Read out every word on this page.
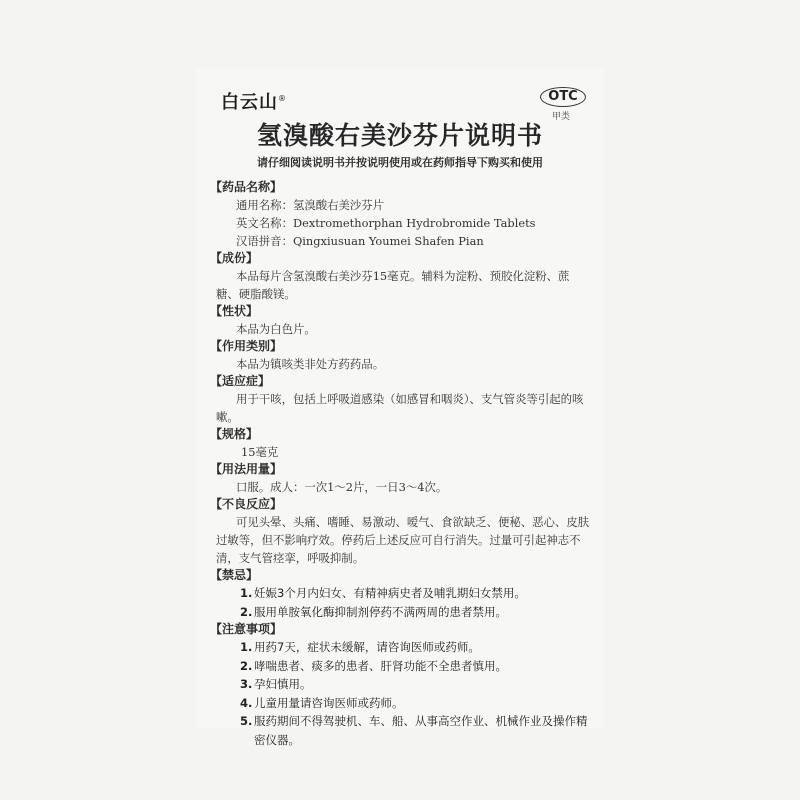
白云山®	OTC
甲类
氢溴酸右美沙芬片说明书
请仔细阅读说明书并按说明使用或在药师指导下购买和使用
【药品名称】
通用名称：氢溴酸右美沙芬片
英文名称：Dextromethorphan Hydrobromide Tablets
汉语拼音：Qingxiusuan Youmei Shafen Pian
【成份】
本品每片含氢溴酸右美沙芬15毫克。辅料为淀粉、预胶化淀粉、蔗糖、硬脂酸镁。
【性状】
本品为白色片。
【作用类别】
本品为镇咳类非处方药药品。
【适应症】
用于干咳，包括上呼吸道感染（如感冒和咽炎）、支气管炎等引起的咳嗽。
【规格】
15毫克
【用法用量】
口服。成人：一次1～2片，一日3～4次。
【不良反应】
可见头晕、头痛、嗜睡、易激动、嗳气、食欲缺乏、便秘、恶心、皮肤过敏等，但不影响疗效。停药后上述反应可自行消失。过量可引起神志不清，支气管痉挛，呼吸抑制。
【禁忌】
1. 妊娠3个月内妇女、有精神病史者及哺乳期妇女禁用。
2. 服用单胺氧化酶抑制剂停药不满两周的患者禁用。
【注意事项】
1. 用药7天，症状未缓解，请咨询医师或药师。
2. 哮喘患者、痰多的患者、肝肾功能不全患者慎用。
3. 孕妇慎用。
4. 儿童用量请咨询医师或药师。
5. 服药期间不得驾驶机、车、船、从事高空作业、机械作业及操作精密仪器。
